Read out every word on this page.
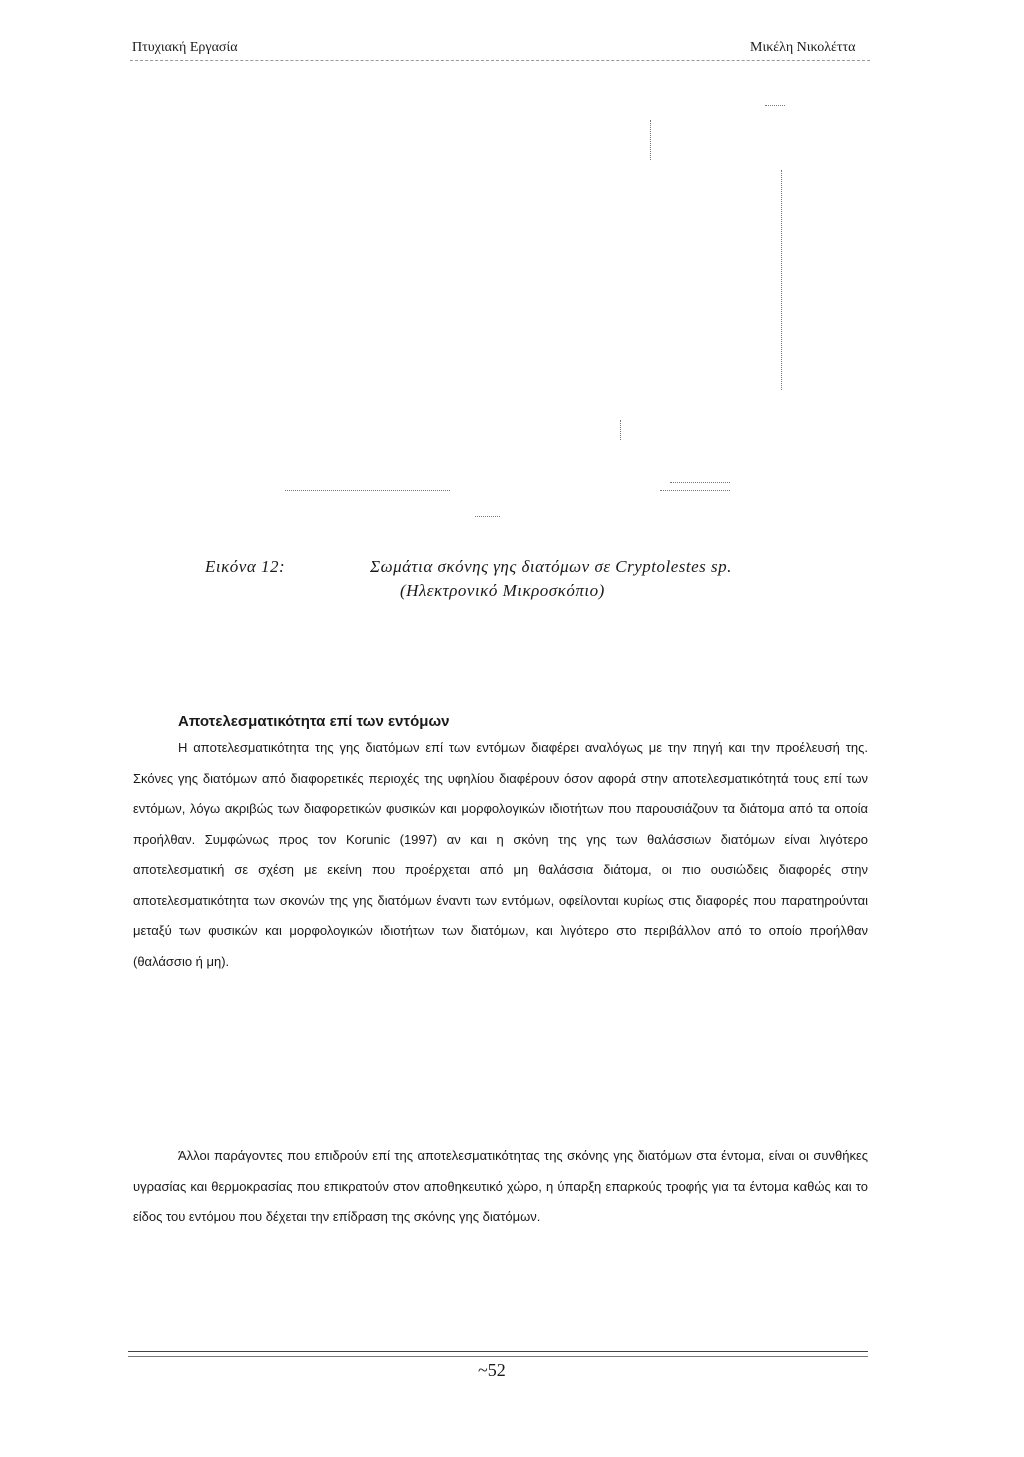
Πτυχιακή Εργασία	Μικέλη Νικολέττα
Εικόνα 12:	Σωμάτια σκόνης γης διατόμων σε Cryptolestes sp.
(Ηλεκτρονικό Μικροσκόπιο)
Αποτελεσματικότητα επί των εντόμων

Η αποτελεσματικότητα της γης διατόμων επί των εντόμων διαφέρει αναλόγως με την πηγή και την προέλευσή της. Σκόνες γης διατόμων από διαφορετικές περιοχές της υφηλίου διαφέρουν όσον αφορά στην αποτελεσματικότητά τους επί των εντόμων, λόγω ακριβώς των διαφορετικών φυσικών και μορφολογικών ιδιοτήτων που παρουσιάζουν τα διάτομα από τα οποία προήλθαν. Συμφώνως προς τον Korunic (1997) αν και η σκόνη της γης των θαλάσσιων διατόμων είναι λιγότερο αποτελεσματική σε σχέση με εκείνη που προέρχεται από μη θαλάσσια διάτομα, οι πιο ουσιώδεις διαφορές στην αποτελεσματικότητα των σκονών της γης διατόμων έναντι των εντόμων, οφείλονται κυρίως στις διαφορές που παρατηρούνται μεταξύ των φυσικών και μορφολογικών ιδιοτήτων των διατόμων, και λιγότερο στο περιβάλλον από το οποίο προήλθαν (θαλάσσιο ή μη).

Άλλοι παράγοντες που επιδρούν επί της αποτελεσματικότητας της σκόνης γης διατόμων στα έντομα, είναι οι συνθήκες υγρασίας και θερμοκρασίας που επικρατούν στον αποθηκευτικό χώρο, η ύπαρξη επαρκούς τροφής για τα έντομα καθώς και το είδος του εντόμου που δέχεται την επίδραση της σκόνης γης διατόμων.

~52
